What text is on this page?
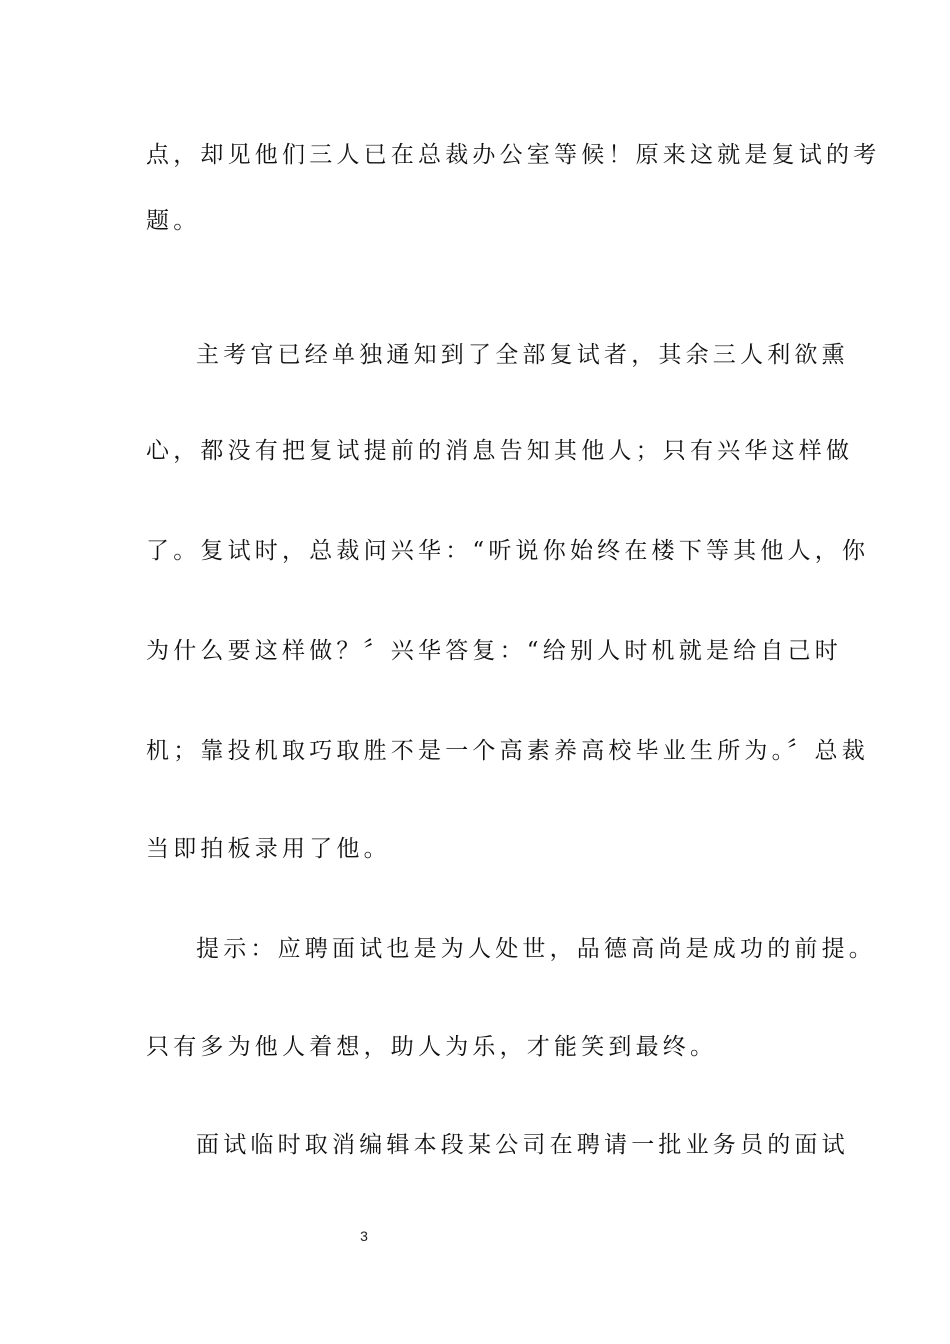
点，却见他们三人已在总裁办公室等候！原来这就是复试的考
题。
主考官已经单独通知到了全部复试者，其余三人利欲熏
心，都没有把复试提前的消息告知其他人；只有兴华这样做
了。复试时，总裁问兴华：“听说你始终在楼下等其他人，你
为什么要这样做？〞兴华答复：“给别人时机就是给自己时
机；靠投机取巧取胜不是一个高素养高校毕业生所为。〞总裁
当即拍板录用了他。
提示：应聘面试也是为人处世，品德高尚是成功的前提。
只有多为他人着想，助人为乐，才能笑到最终。
面试临时取消编辑本段某公司在聘请一批业务员的面试
3
